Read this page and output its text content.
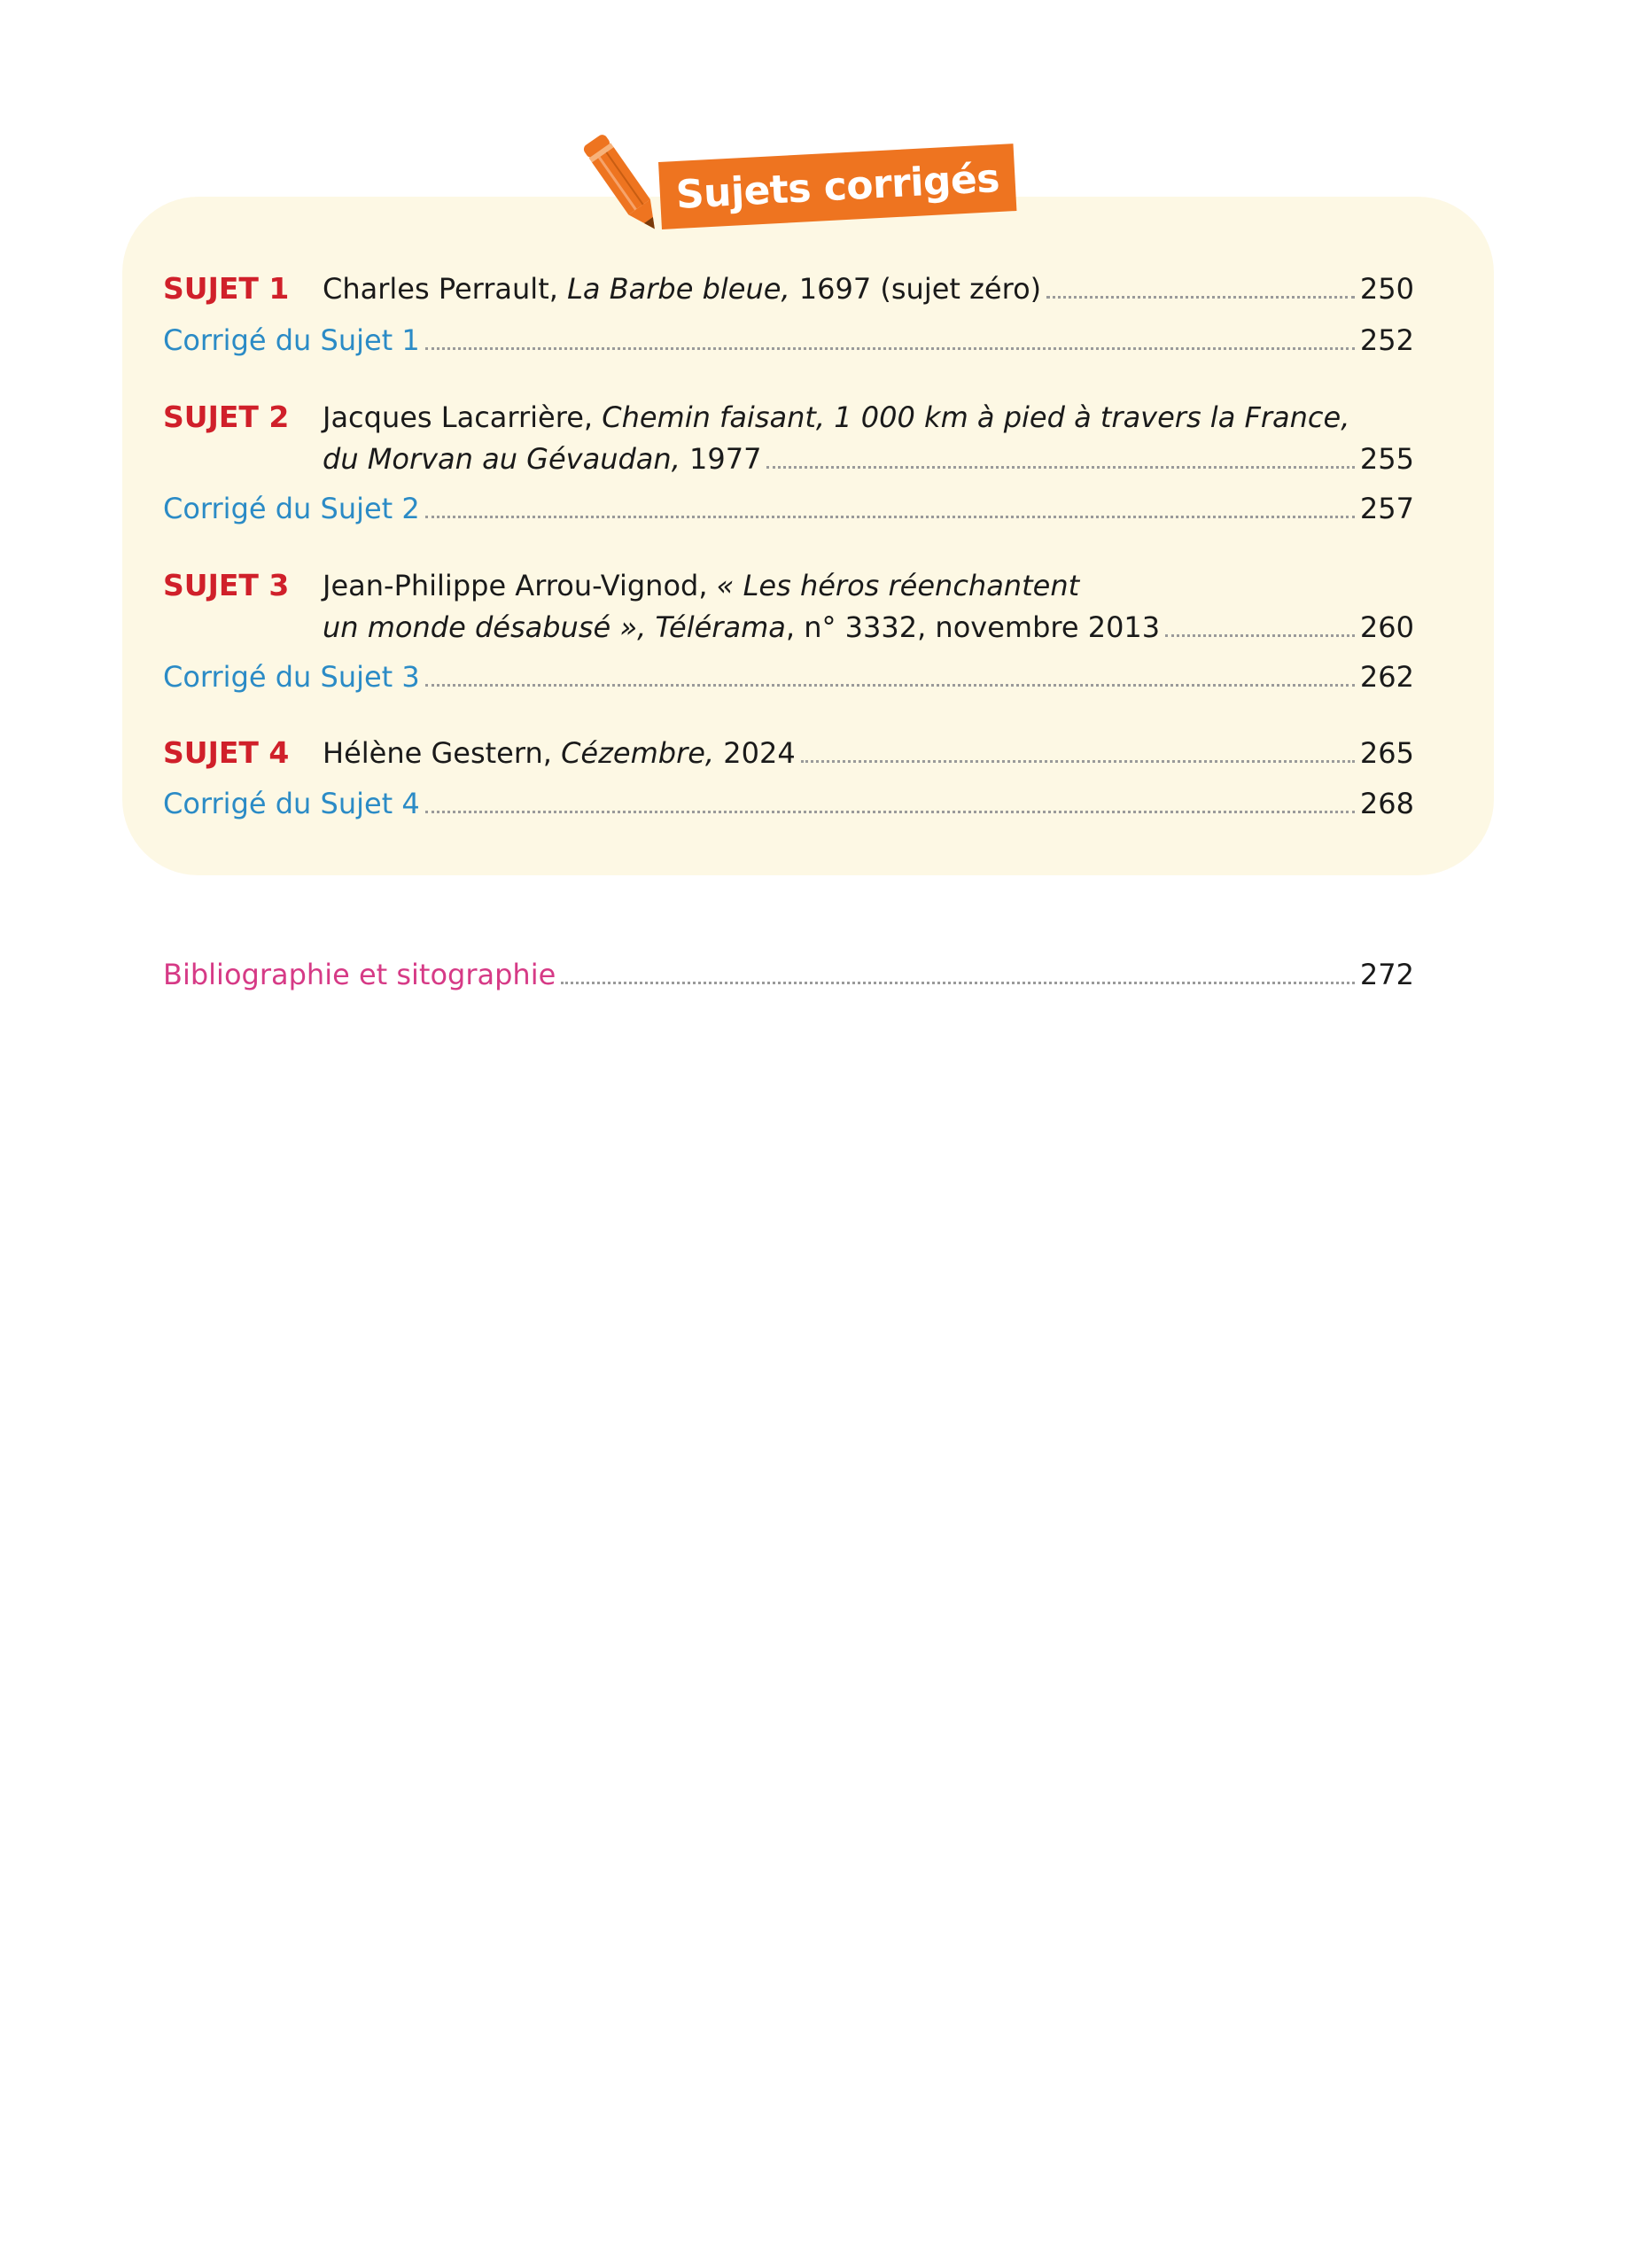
Sujets corrigés
SUJET 1	Charles Perrault, La Barbe bleue, 1697 (sujet zéro)	250
Corrigé du Sujet 1	252
SUJET 2	Jacques Lacarrière, Chemin faisant, 1 000 km à pied à travers la France,
du Morvan au Gévaudan, 1977	255
Corrigé du Sujet 2	257
SUJET 3	Jean-Philippe Arrou-Vignod, « Les héros réenchantent
un monde désabusé », Télérama, n° 3332, novembre 2013	260
Corrigé du Sujet 3	262
SUJET 4	Hélène Gestern, Cézembre, 2024	265
Corrigé du Sujet 4	268
Bibliographie et sitographie	272
